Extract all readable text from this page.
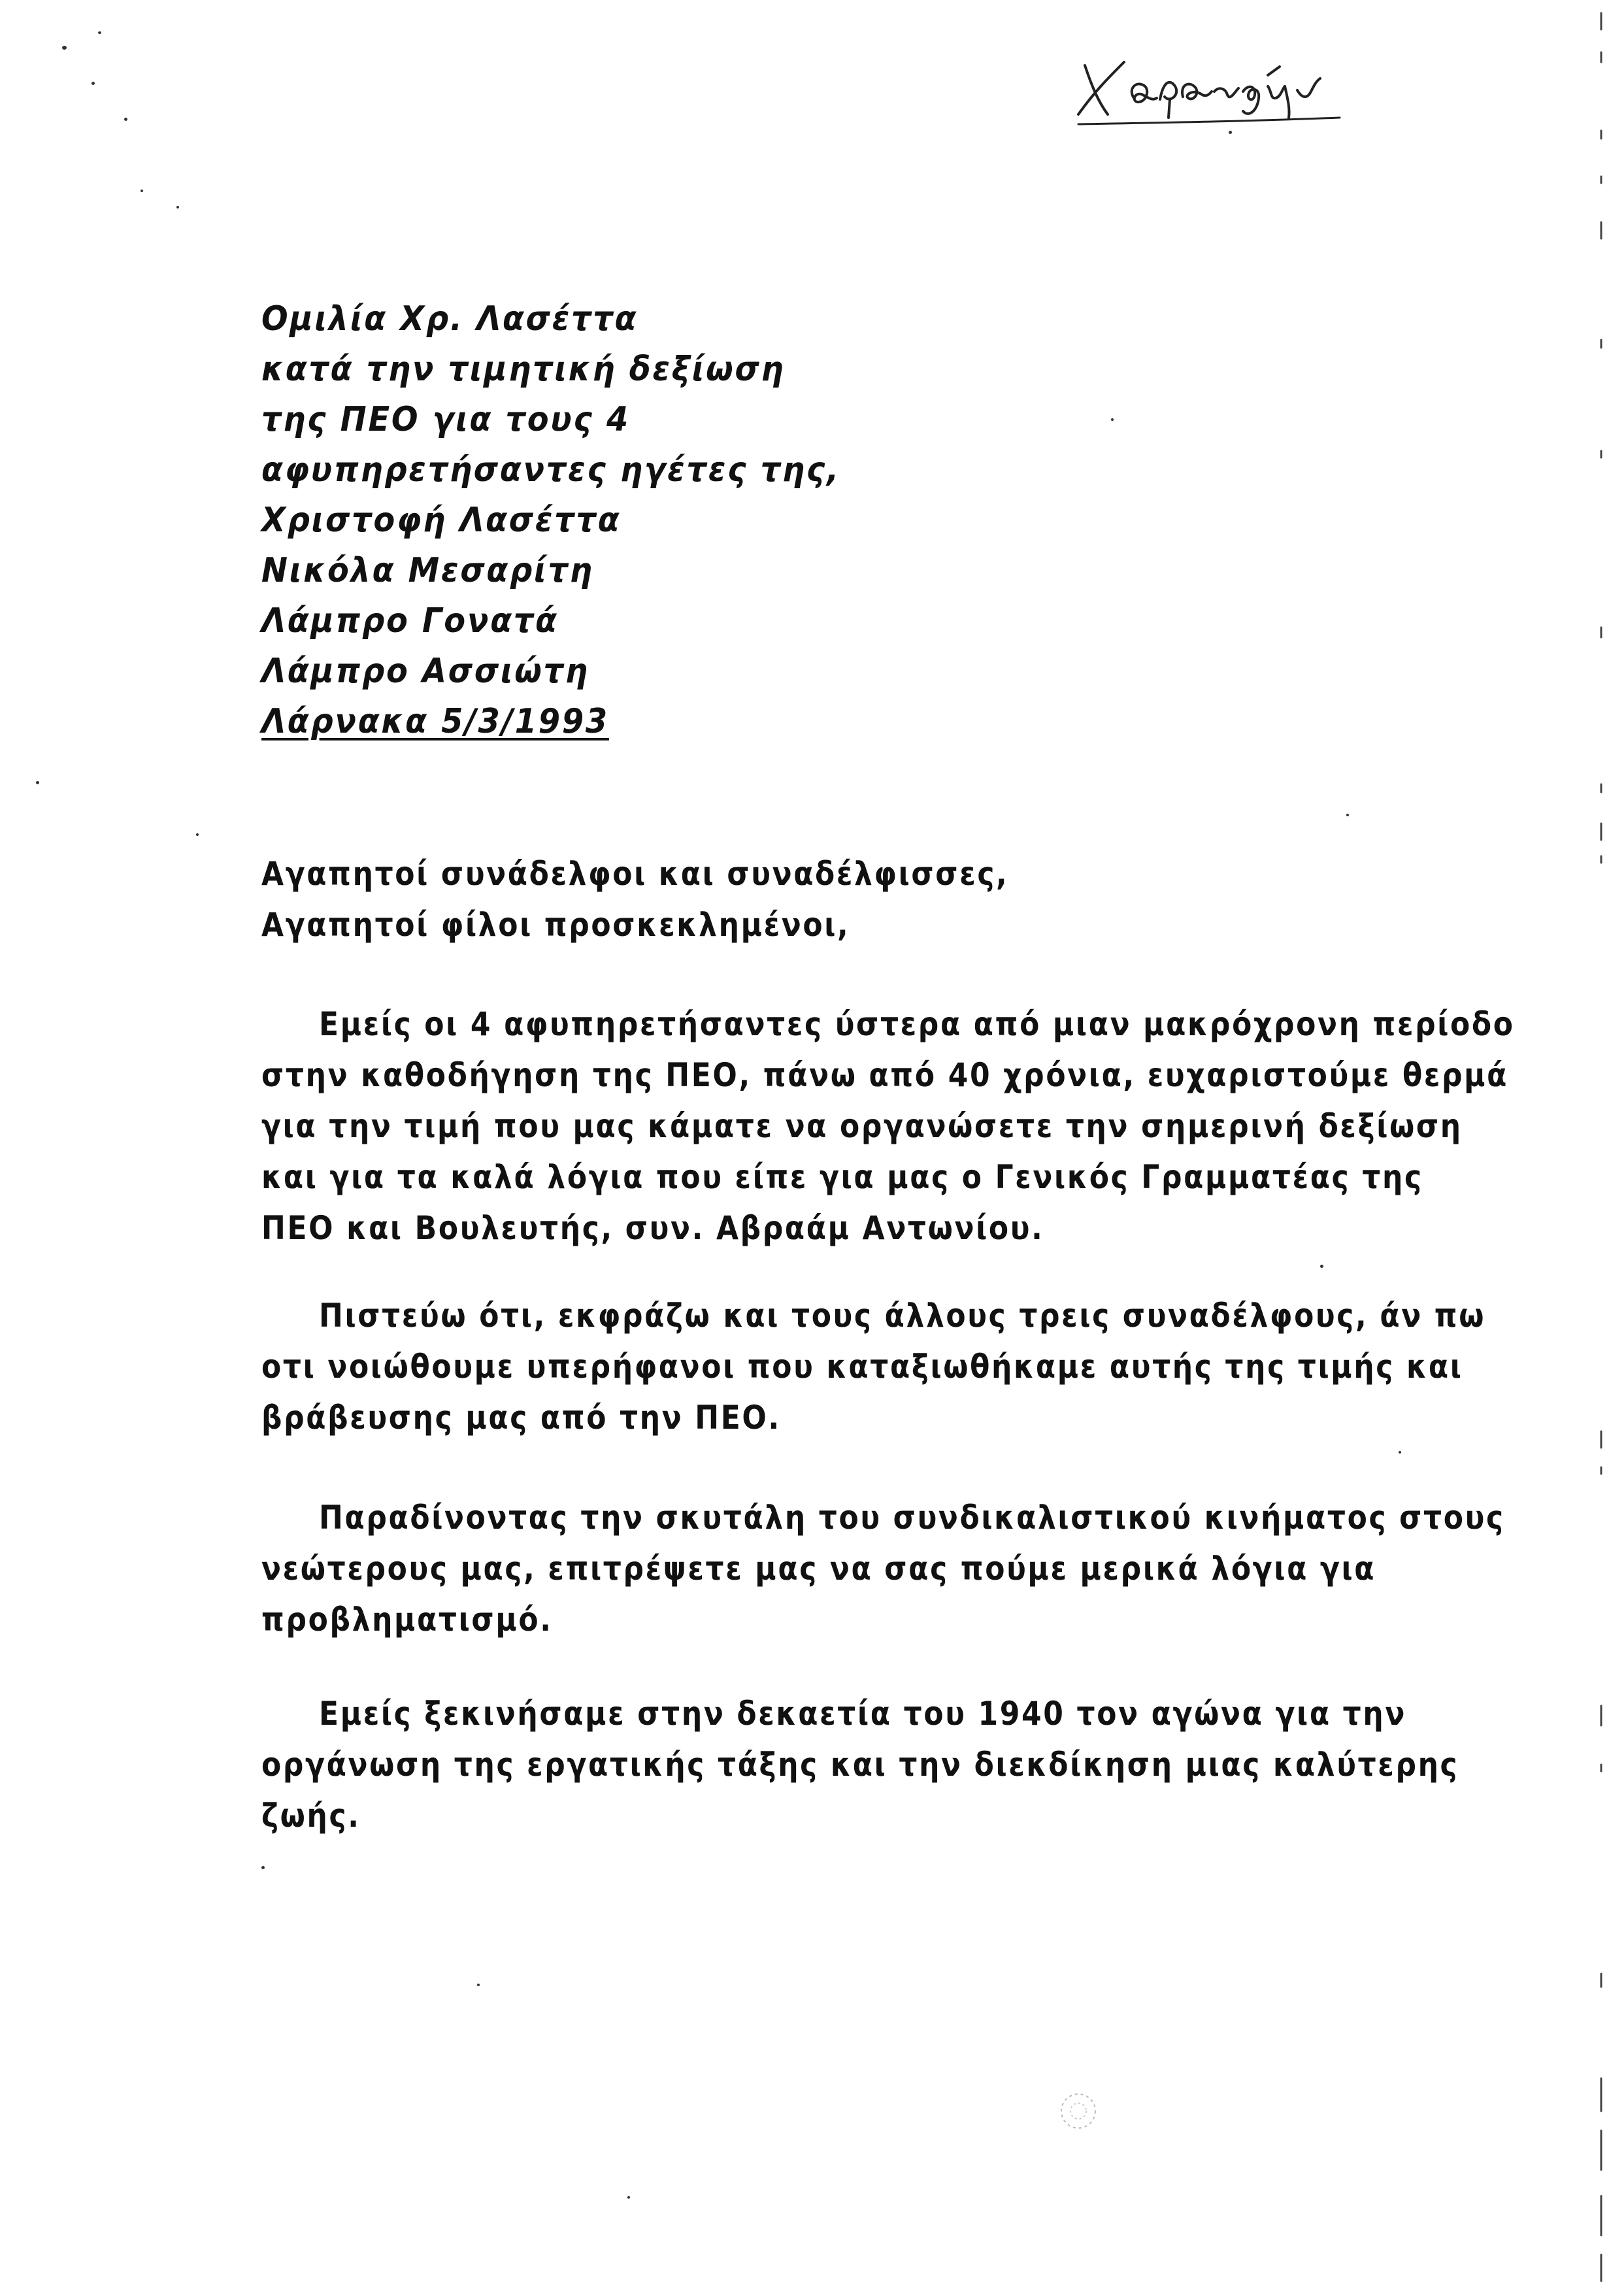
Ομιλία Χρ. Λασέττα
κατά την τιμητική δεξίωση
της ΠΕΟ για τους 4
αφυπηρετήσαντες ηγέτες της,
Χριστοφή Λασέττα
Νικόλα Μεσαρίτη
Λάμπρο Γονατά
Λάμπρο Ασσιώτη
Λάρνακα 5/3/1993
Αγαπητοί συνάδελφοι και συναδέλφισσες,
Αγαπητοί φίλοι προσκεκλημένοι,
Εμείς οι 4 αφυπηρετήσαντες ύστερα από μιαν μακρόχρονη περίοδο
στην καθοδήγηση της ΠΕΟ, πάνω από 40 χρόνια, ευχαριστούμε θερμά
για την τιμή που μας κάματε να οργανώσετε την σημερινή δεξίωση
και για τα καλά λόγια που είπε για μας ο Γενικός Γραμματέας της
ΠΕΟ και Βουλευτής, συν. Αβραάμ Αντωνίου.
Πιστεύω ότι, εκφράζω και τους άλλους τρεις συναδέλφους, άν πω
οτι νοιώθουμε υπερήφανοι που καταξιωθήκαμε αυτής της τιμής και
βράβευσης μας από την ΠΕΟ.
Παραδίνοντας την σκυτάλη του συνδικαλιστικού κινήματος στους
νεώτερους μας, επιτρέψετε μας να σας πούμε μερικά λόγια για
προβληματισμό.
Εμείς ξεκινήσαμε στην δεκαετία του 1940 τον αγώνα για την
οργάνωση της εργατικής τάξης και την διεκδίκηση μιας καλύτερης
ζωής.
